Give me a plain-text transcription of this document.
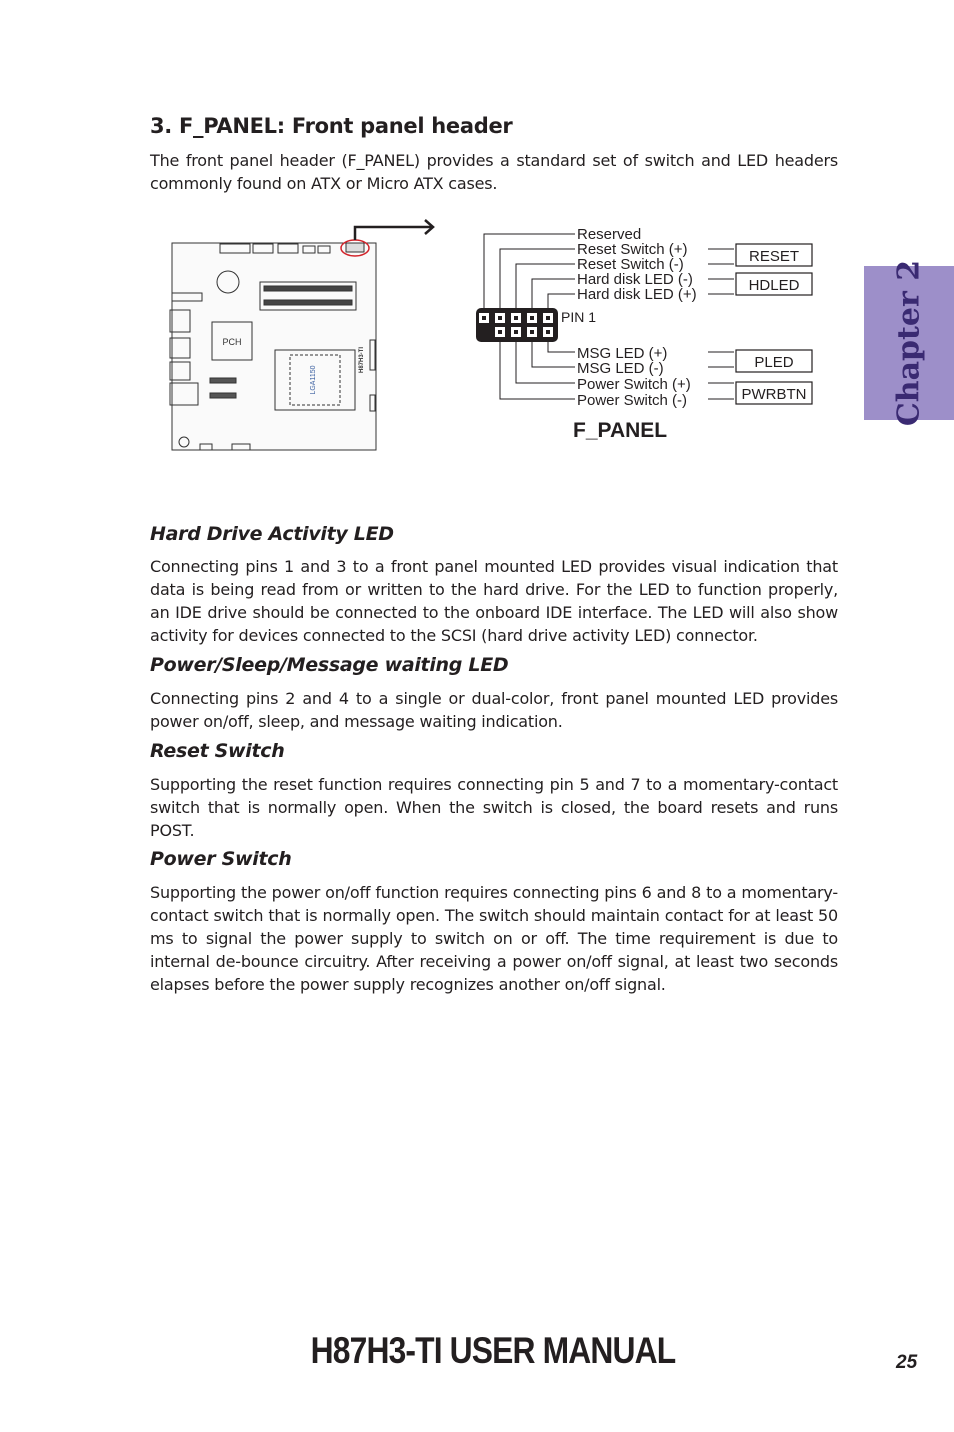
3. F_PANEL: Front panel header

The front panel header (F_PANEL) provides a standard set of switch and LED headers commonly found on ATX or Micro ATX cases.

Chapter 2
PCH
LGA1150
H87H3-TI
Reserved
Reset Switch (+)
Reset Switch (-)
Hard disk LED (-)
Hard disk LED (+)
MSG LED (+)
MSG LED (-)
Power Switch (+)
Power Switch (-)
PIN 1
F_PANEL
RESET
HDLED
PLED
PWRBTN
Hard Drive Activity LED

Connecting pins 1 and 3 to a front panel mounted LED provides visual indication that data is being read from or written to the hard drive. For the LED to function properly, an IDE drive should be connected to the onboard IDE interface. The LED will also show activity for devices connected to the SCSI (hard drive activity LED) connector.

Power/Sleep/Message waiting LED

Connecting pins 2 and 4 to a single or dual-color, front panel mounted LED provides power on/off, sleep, and message waiting indication.

Reset Switch

Supporting the reset function requires connecting pin 5 and 7 to a momentary-contact switch that is normally open. When the switch is closed, the board resets and runs POST.

Power Switch

Supporting the power on/off function requires connecting pins 6 and 8 to a momentary-contact switch that is normally open. The switch should maintain contact for at least 50 ms to signal the power supply to switch on or off. The time requirement is due to internal de-bounce circuitry. After receiving a power on/off signal, at least two seconds elapses before the power supply recognizes another on/off signal.

H87H3-TI USER MANUAL	25
